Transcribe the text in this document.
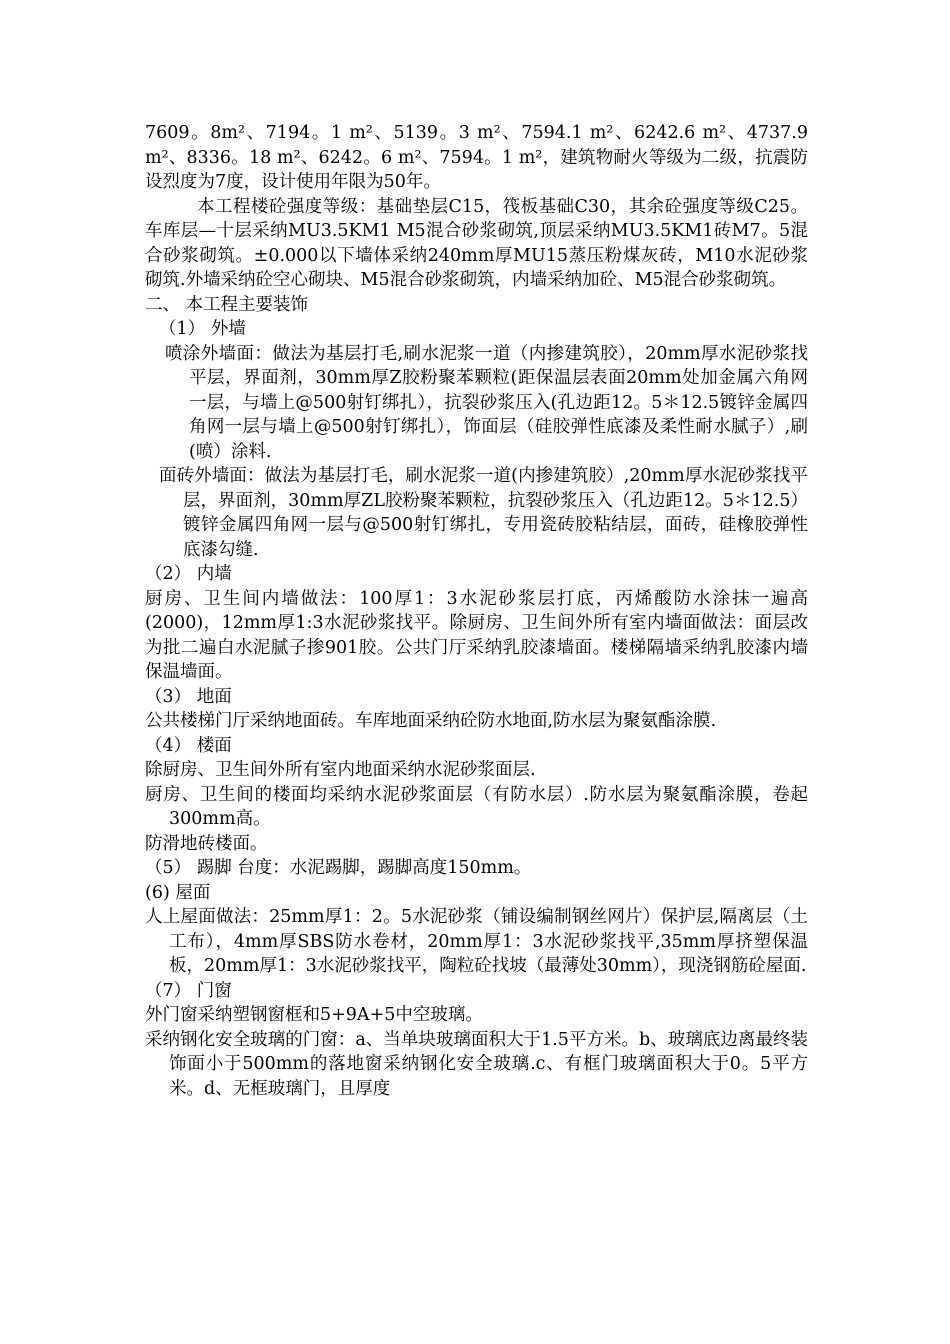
7609。8m²、7194。1 m²、5139。3 m²、7594.1 m²、6242.6 m²、4737.9 m²、8336。18 m²、6242。6 m²、7594。1 m²，建筑物耐火等级为二级，抗震防设烈度为7度，设计使用年限为50年。

本工程楼砼强度等级：基础垫层C15，筏板基础C30，其余砼强度等级C25。车库层—十层采纳MU3.5KM1 M5混合砂浆砌筑,顶层采纳MU3.5KM1砖M7。5混合砂浆砌筑。±0.000以下墙体采纳240mm厚MU15蒸压粉煤灰砖，M10水泥砂浆砌筑.外墙采纳砼空心砌块、M5混合砂浆砌筑，内墙采纳加砼、M5混合砂浆砌筑。

二、 本工程主要装饰

（1） 外墙

喷涂外墙面：做法为基层打毛,刷水泥浆一道（内掺建筑胶），20mm厚水泥砂浆找平层，界面剂，30mm厚Z胶粉聚苯颗粒(距保温层表面20mm处加金属六角网一层，与墙上@500射钉绑扎），抗裂砂浆压入(孔边距12。5＊12.5镀锌金属四角网一层与墙上@500射钉绑扎），饰面层（硅胶弹性底漆及柔性耐水腻子）,刷(喷）涂料.

面砖外墙面：做法为基层打毛，刷水泥浆一道(内掺建筑胶）,20mm厚水泥砂浆找平层，界面剂，30mm厚ZL胶粉聚苯颗粒，抗裂砂浆压入（孔边距12。5＊12.5）镀锌金属四角网一层与@500射钉绑扎，专用瓷砖胶粘结层，面砖，硅橡胶弹性底漆勾缝.

（2） 内墙

厨房、卫生间内墙做法：100厚1：3水泥砂浆层打底，丙烯酸防水涂抹一遍高(2000)，12mm厚1:3水泥砂浆找平。除厨房、卫生间外所有室内墙面做法：面层改为批二遍白水泥腻子掺901胶。公共门厅采纳乳胶漆墙面。楼梯隔墙采纳乳胶漆内墙保温墙面。

（3） 地面

公共楼梯门厅采纳地面砖。车库地面采纳砼防水地面,防水层为聚氨酯涂膜.

（4） 楼面

除厨房、卫生间外所有室内地面采纳水泥砂浆面层.

厨房、卫生间的楼面均采纳水泥砂浆面层（有防水层）.防水层为聚氨酯涂膜，卷起300mm高。

防滑地砖楼面。

（5） 踢脚 台度：水泥踢脚，踢脚高度150mm。

(6) 屋面

人上屋面做法：25mm厚1：2。5水泥砂浆（铺设编制钢丝网片）保护层,隔离层（土工布），4mm厚SBS防水卷材，20mm厚1：3水泥砂浆找平,35mm厚挤塑保温板，20mm厚1：3水泥砂浆找平，陶粒砼找坡（最薄处30mm），现浇钢筋砼屋面.

（7） 门窗

外门窗采纳塑钢窗框和5+9A+5中空玻璃。

采纳钢化安全玻璃的门窗：a、当单块玻璃面积大于1.5平方米。b、玻璃底边离最终装饰面小于500mm的落地窗采纳钢化安全玻璃.c、有框门玻璃面积大于0。5平方米。d、无框玻璃门，且厚度
